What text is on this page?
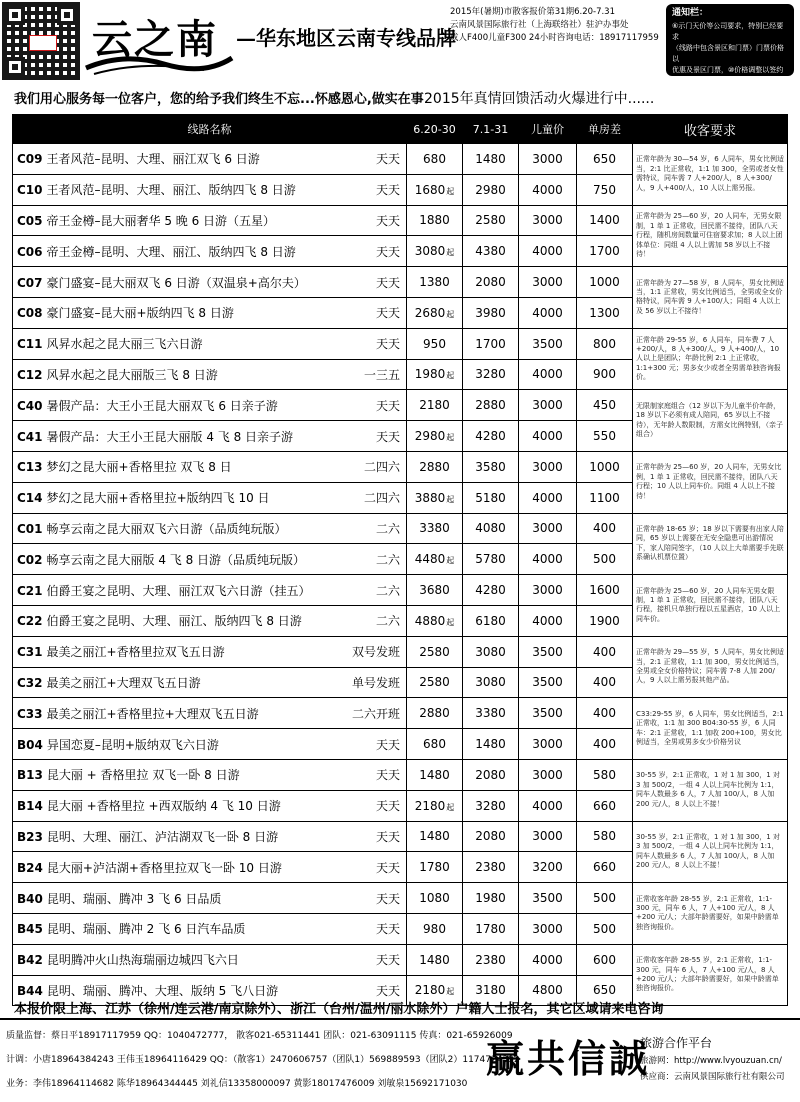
云之南 —华东地区云南专线品牌
2015年(暑期)市散客报价第31期6.20-7.31
云南风景国际旅行社（上海联络社）驻沪办事处
成人F400儿童F300 24小时咨询电话：18917117959
通知栏：
⑥示门天价等公司要求，特别已经要求
（线路中包含景区和门票）门票价格以
优惠及景区门票，⑩价格调整以签约
价格为准，实际以合同签订为准。
我们用心服务每一位客户，您的给予我们终生不忘...怀感恩心,做实在事 2015年真情回馈活动火爆进行中......
线路名称		6.20-30	7.1-31	儿童价	单房差	收客要求
C09 王者风范–昆明、大理、丽江双飞 6 日游	天天	680	1480	3000	650	正常年龄为 30—54 岁，6 人同车，男女比例适当，2:1 比正常收，1:1 加 300，全男或者女性需特议，同车需 7 人+200/人，8 人+300/人，9 人+400/人，10 人以上需另报。

C10 王者风范–昆明、大理、丽江、版纳四飞 8 日游	天天	1680起	2980	4000	750	
C05 帝王金樽–昆大丽奢华 5 晚 6 日游（五星）	天天	1880	2580	3000	1400	正常年龄为 25—60 岁，20 人同车，无男女限制，1 单 1 正常收，回民需不接待，团队八天行程，随机房间数量可住宿要求加；8 人以上团体单位：同组 4 人以上需加 58 岁以上不接待！

C06 帝王金樽–昆明、大理、丽江、版纳四飞 8 日游	天天	3080起	4380	4000	1700	
C07 豪门盛宴–昆大丽双飞 6 日游（双温泉+高尔夫）	天天	1380	2080	3000	1000	正常年龄为 27—58 岁，8 人同车，男女比例适当，1:1 正常收，男女比例适当，全男或全女价格特议，同车需 9 人+100/人；同组 4 人以上及 56 岁以上不接待！

C08 豪门盛宴–昆大丽+版纳四飞 8 日游	天天	2680起	3980	4000	1300	
C11 风昇水起之昆大丽三飞六日游	天天	950	1700	3500	800	正常年龄 29-55 岁，6 人同车，同车费 7 人+200/人，8 人+300/人，9 人+400/人，10 人以上是团队；年龄比例 2:1 上正常收，1:1+300 元；男多女少或者全男需单独咨询报价。

C12 风昇水起之昆大丽版三飞 8 日游	一三五	1980起	3280	4000	900	
C40 暑假产品：大王小王昆大丽双飞 6 日亲子游	天天	2180	2880	3000	450	无限制家庭组合（12 岁以下为儿童半价年龄，18 岁以下必须有成人陪同，65 岁以上不接待），无年龄人数限制，方需女比例特别，（亲子组合）

C41 暑假产品：大王小王昆大丽版 4 飞 8 日亲子游	天天	2980起	4280	4000	550	
C13 梦幻之昆大丽+香格里拉 双飞 8 日	二四六	2880	3580	3000	1000	正常年龄为 25—60 岁，20 人同车，无男女比例，1 单 1 正常收，回民需不接待，团队八天行程；10 人以上同车价。同组 4 人以上不接待！

C14 梦幻之昆大丽+香格里拉+版纳四飞 10 日	二四六	3880起	5180	4000	1100	
C01 畅享云南之昆大丽双飞六日游（品质纯玩版）	二六	3380	4080	3000	400	正常年龄 18-65 岁；18 岁以下需要有出家人陪同，65 岁以上需要在无安全隐患可出游情况下，家人陪同签字，（10 人以上大单需要手先联系确认机票位置）

C02 畅享云南之昆大丽版 4 飞 8 日游（品质纯玩版）	二六	4480起	5780	4000	500	
C21 伯爵王宴之昆明、大理、丽江双飞六日游（挂五）	二六	3680	4280	3000	1600	正常年龄为 25—60 岁，20 人同车无男女限制，1 单 1 正常收，回民需不接待，团队八天行程，接机只单独行程以五星酒店，10 人以上同车价。

C22 伯爵王宴之昆明、大理、丽江、版纳四飞 8 日游	二六	4880起	6180	4000	1900	
C31 最美之丽江+香格里拉双飞五日游	双号发班	2580	3080	3500	400	正常年龄为 29—55 岁，5 人同车，男女比例适当，2:1 正常收，1:1 加 300，男女比例适当，全男或全女价格特议；同车需 7-8 人加 200/人，9 人以上需另报其他产品。

C32 最美之丽江+大理双飞五日游	单号发班	2580	3080	3500	400	
C33 最美之丽江+香格里拉+大理双飞五日游	二六开班	2880	3380	3500	400	C33:29-55 岁，6 人同车，男女比例适当，2:1 正常收，1:1 加 300 B04:30-55 岁，6 人同车：2:1 正常收，1:1 加收 200+100，男女比例适当，全男或男多女少价格另议

B04 异国恋夏–昆明+版纳双飞六日游	天天	680	1480	3000	400	
B13 昆大丽 + 香格里拉 双飞一卧 8 日游	天天	1480	2080	3000	580	30-55 岁，2:1 正常收，1 对 1 加 300，1 对 3 加 500/2，一组 4 人以上同车比例为 1:1，同车人数最多 6 人，7 人加 100/人，8 人加 200 元/人，8 人以上不接！

B14 昆大丽 +香格里拉 +西双版纳 4 飞 10 日游	天天	2180起	3280	4000	660	
B23 昆明、大理、丽江、泸沽湖双飞一卧 8 日游	天天	1480	2080	3000	580	30-55 岁，2:1 正常收，1 对 1 加 300，1 对 3 加 500/2，一组 4 人以上同车比例为 1:1，同车人数最多 6 人，7 人加 100/人，8 人加 200 元/人，8 人以上不接！

B24 昆大丽+泸沽湖+香格里拉双飞一卧 10 日游	天天	1780	2380	3200	660	
B40 昆明、瑞丽、腾冲 3 飞 6 日品质	天天	1080	1980	3500	500	正常收客年龄 28-55 岁，2:1 正常收，1:1-300 元，同车 6 人，7 人+100 元/人，8 人+200 元/人；大部年龄需要好，如果中龄需单独咨询报价。

B45 昆明、瑞丽、腾冲 2 飞 6 日汽车品质	天天	980	1780	3000	500	
B42 昆明腾冲火山热海瑞丽边城四飞六日	天天	1480	2380	4000	600	正常收客年龄 28-55 岁，2:1 正常收，1:1-300 元，同车 6 人，7 人+100 元/人，8 人+200 元/人；大部年龄需要好，如果中龄需单独咨询报价。

B44 昆明、瑞丽、腾冲、大理、版纳 5 飞八日游	天天	2180起	3180	4800	650	
本报价限上海、江苏（徐州/连云港/南京除外）、浙江（台州/温州/丽水除外）户籍人士报名，其它区域请来电咨询
质量监督：蔡日平18917117959 QQ：1040472777， 散客021-65311441 团队：021-63091115 传真：021-65926009
计调：小唐18964384243 王伟玉18964116429 QQ：（散客1）2470606757（团队1）569889593（团队2）1174724392
业务：李伟18964114682 陈华18964344445 刘礼信13358000097 黄影18017476009 刘敏泉15692171030
赢共信誠
旅游合作平台
旅游网：http://www.lvyouzuan.cn/
供应商：云南风景国际旅行社有限公司
